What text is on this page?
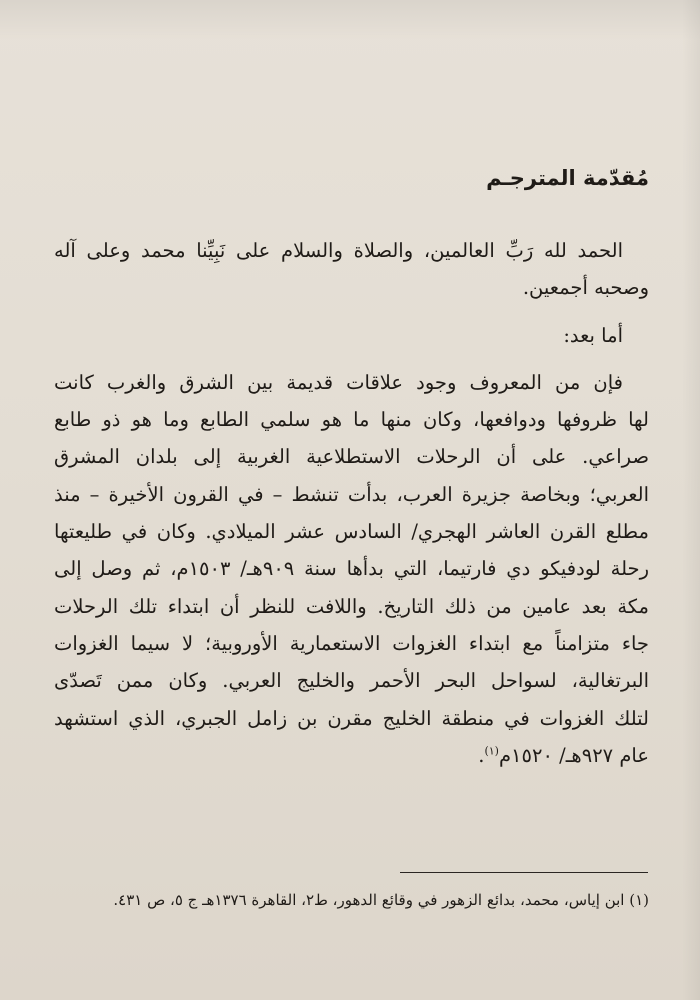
مُقدّمة المترجـم
الحمد لله رَبِّ العالمين، والصلاة والسلام على نَبِيِّنا محمد وعلى آله
وصحبه أجمعين.
أما بعد:
فإن من المعروف وجود علاقات قديمة بين الشرق والغرب كانت
لها ظروفها ودوافعها، وكان منها ما هو سلمي الطابع وما هو ذو طابع
صراعي. على أن الرحلات الاستطلاعية الغربية إلى بلدان المشرق
العربي؛ وبخاصة جزيرة العرب، بدأت تنشط – في القرون الأخيرة – منذ
مطلع القرن العاشر الهجري/ السادس عشر الميلادي. وكان في طليعتها
رحلة لودفيكو دي فارتيما، التي بدأها سنة ٩٠٩هـ/ ١٥٠٣م، ثم وصل إلى
مكة بعد عامين من ذلك التاريخ. واللافت للنظر أن ابتداء تلك الرحلات
جاء متزامناً مع ابتداء الغزوات الاستعمارية الأوروبية؛ لا سيما الغزوات
البرتغالية، لسواحل البحر الأحمر والخليج العربي. وكان ممن تَصدّى
لتلك الغزوات في منطقة الخليج مقرن بن زامل الجبري، الذي استشهد
عام ٩٢٧هـ/ ١٥٢٠م$^{(١)}$.
(١) ابن إياس، محمد، بدائع الزهور في وقائع الدهور، ط٢، القاهرة ١٣٧٦هـ ج ٥، ص ٤٣١.
